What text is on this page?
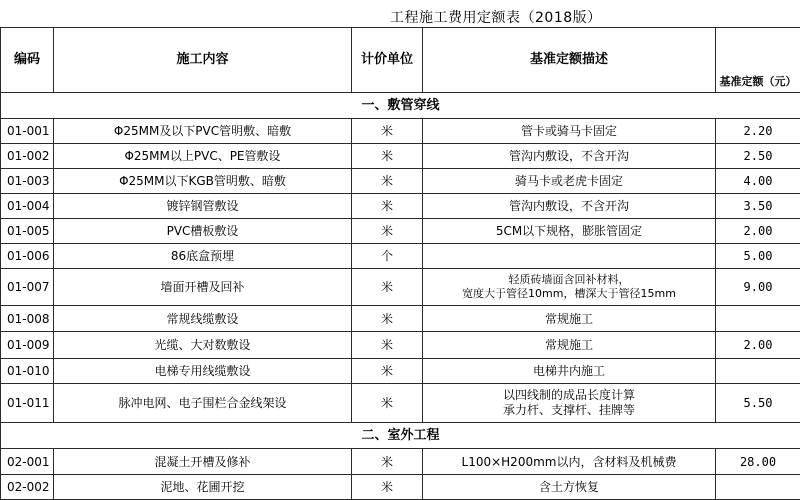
工程施工费用定额表（2018版）
编码	施工内容	计价单位	基准定额描述	基准定额（元）
一、敷管穿线				
01-001	Φ25MM及以下PVC管明敷、暗敷	米	管卡或骑马卡固定	2.20
01-002	Φ25MM以上PVC、PE管敷设	米	管沟内敷设，不含开沟	2.50
01-003	Φ25MM以下KGB管明敷、暗敷	米	骑马卡或老虎卡固定	4.00
01-004	镀锌钢管敷设	米	管沟内敷设，不含开沟	3.50
01-005	PVC槽板敷设	米	5CM以下规格，膨胀管固定	2.00
01-006	86底盒预埋	个		5.00
01-007	墙面开槽及回补	米	轻质砖墙面含回补材料，
宽度大于管径10mm，槽深大于管径15mm	9.00
01-008	常规线缆敷设	米	常规施工	
01-009	光缆、大对数敷设	米	常规施工	2.00
01-010	电梯专用线缆敷设	米	电梯井内施工	
01-011	脉冲电网、电子围栏合金线架设	米	以四线制的成品长度计算
承力杆、支撑杆、挂牌等	5.50
二、室外工程				
02-001	混凝土开槽及修补	米	L100×H200mm以内，含材料及机械费	28.00
02-002	泥地、花圃开挖	米	含土方恢复	
